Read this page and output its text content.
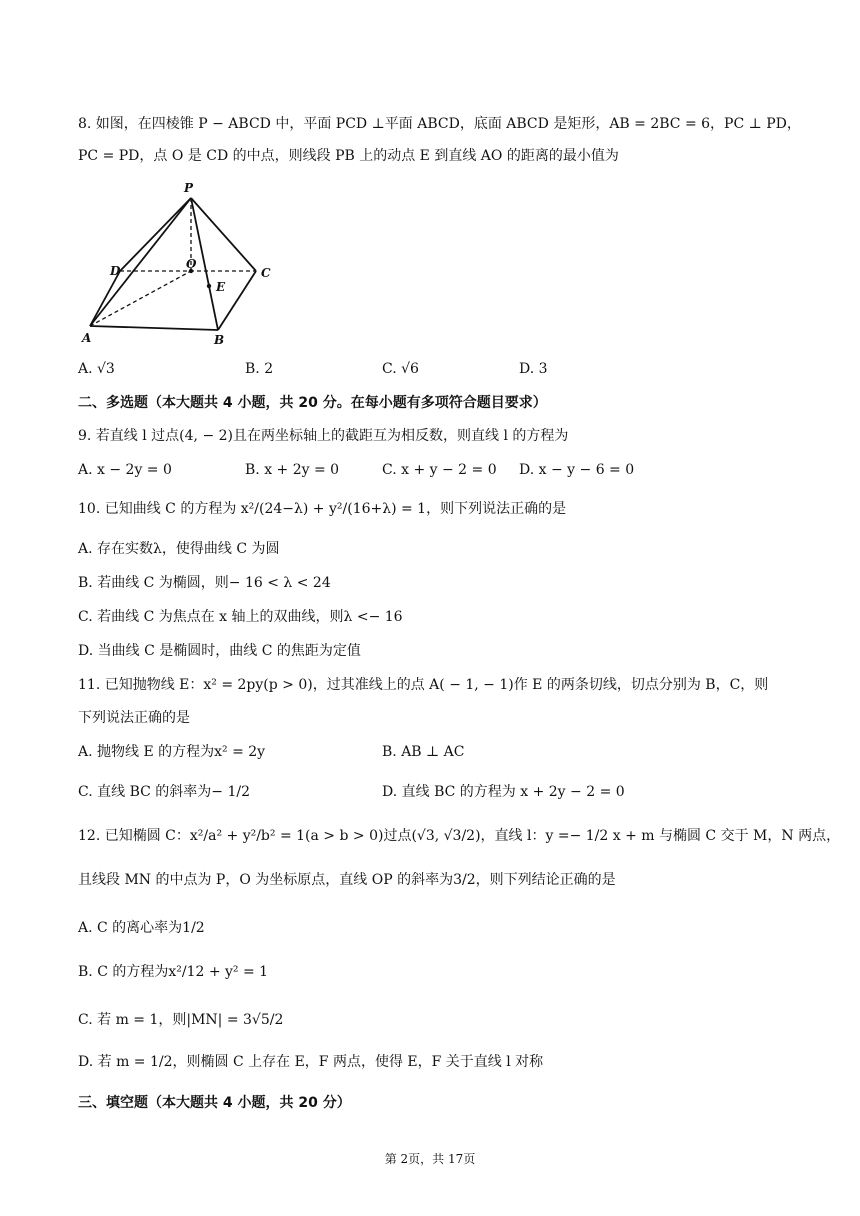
8. 如图，在四棱锥 P − ABCD 中，平面 PCD ⊥平面 ABCD，底面 ABCD 是矩形，AB = 2BC = 6，PC ⊥ PD，
PC = PD，点 O 是 CD 的中点，则线段 PB 上的动点 E 到直线 AO 的距离的最小值为
P
D	O
C
E
A	B
A. √3	B. 2	C. √6	D. 3
二、多选题（本大题共 4 小题，共 20 分。在每小题有多项符合题目要求）
9. 若直线 l 过点(4, − 2)且在两坐标轴上的截距互为相反数，则直线 l 的方程为
A. x − 2y = 0	B. x + 2y = 0	C. x + y − 2 = 0 D. x − y − 6 = 0
10. 已知曲线 C 的方程为 x²/(24−λ) + y²/(16+λ) = 1，则下列说法正确的是
A. 存在实数λ，使得曲线 C 为圆
B. 若曲线 C 为椭圆，则− 16 < λ < 24
C. 若曲线 C 为焦点在 x 轴上的双曲线，则λ <− 16
D. 当曲线 C 是椭圆时，曲线 C 的焦距为定值
11. 已知抛物线 E：x² = 2py(p > 0)，过其准线上的点 A( − 1, − 1)作 E 的两条切线，切点分别为 B，C，则
下列说法正确的是
A. 抛物线 E 的方程为x² = 2y	B. AB ⊥ AC
C. 直线 BC 的斜率为− 1/2	D. 直线 BC 的方程为 x + 2y − 2 = 0
12. 已知椭圆 C：x²/a² + y²/b² = 1(a > b > 0)过点(√3, √3/2)，直线 l：y =− 1/2 x + m 与椭圆 C 交于 M，N 两点，
且线段 MN 的中点为 P，O 为坐标原点，直线 OP 的斜率为3/2，则下列结论正确的是
A. C 的离心率为1/2
B. C 的方程为x²/12 + y² = 1
C. 若 m = 1，则|MN| = 3√5/2
D. 若 m = 1/2，则椭圆 C 上存在 E，F 两点，使得 E，F 关于直线 l 对称
三、填空题（本大题共 4 小题，共 20 分）
第 2页，共 17页
